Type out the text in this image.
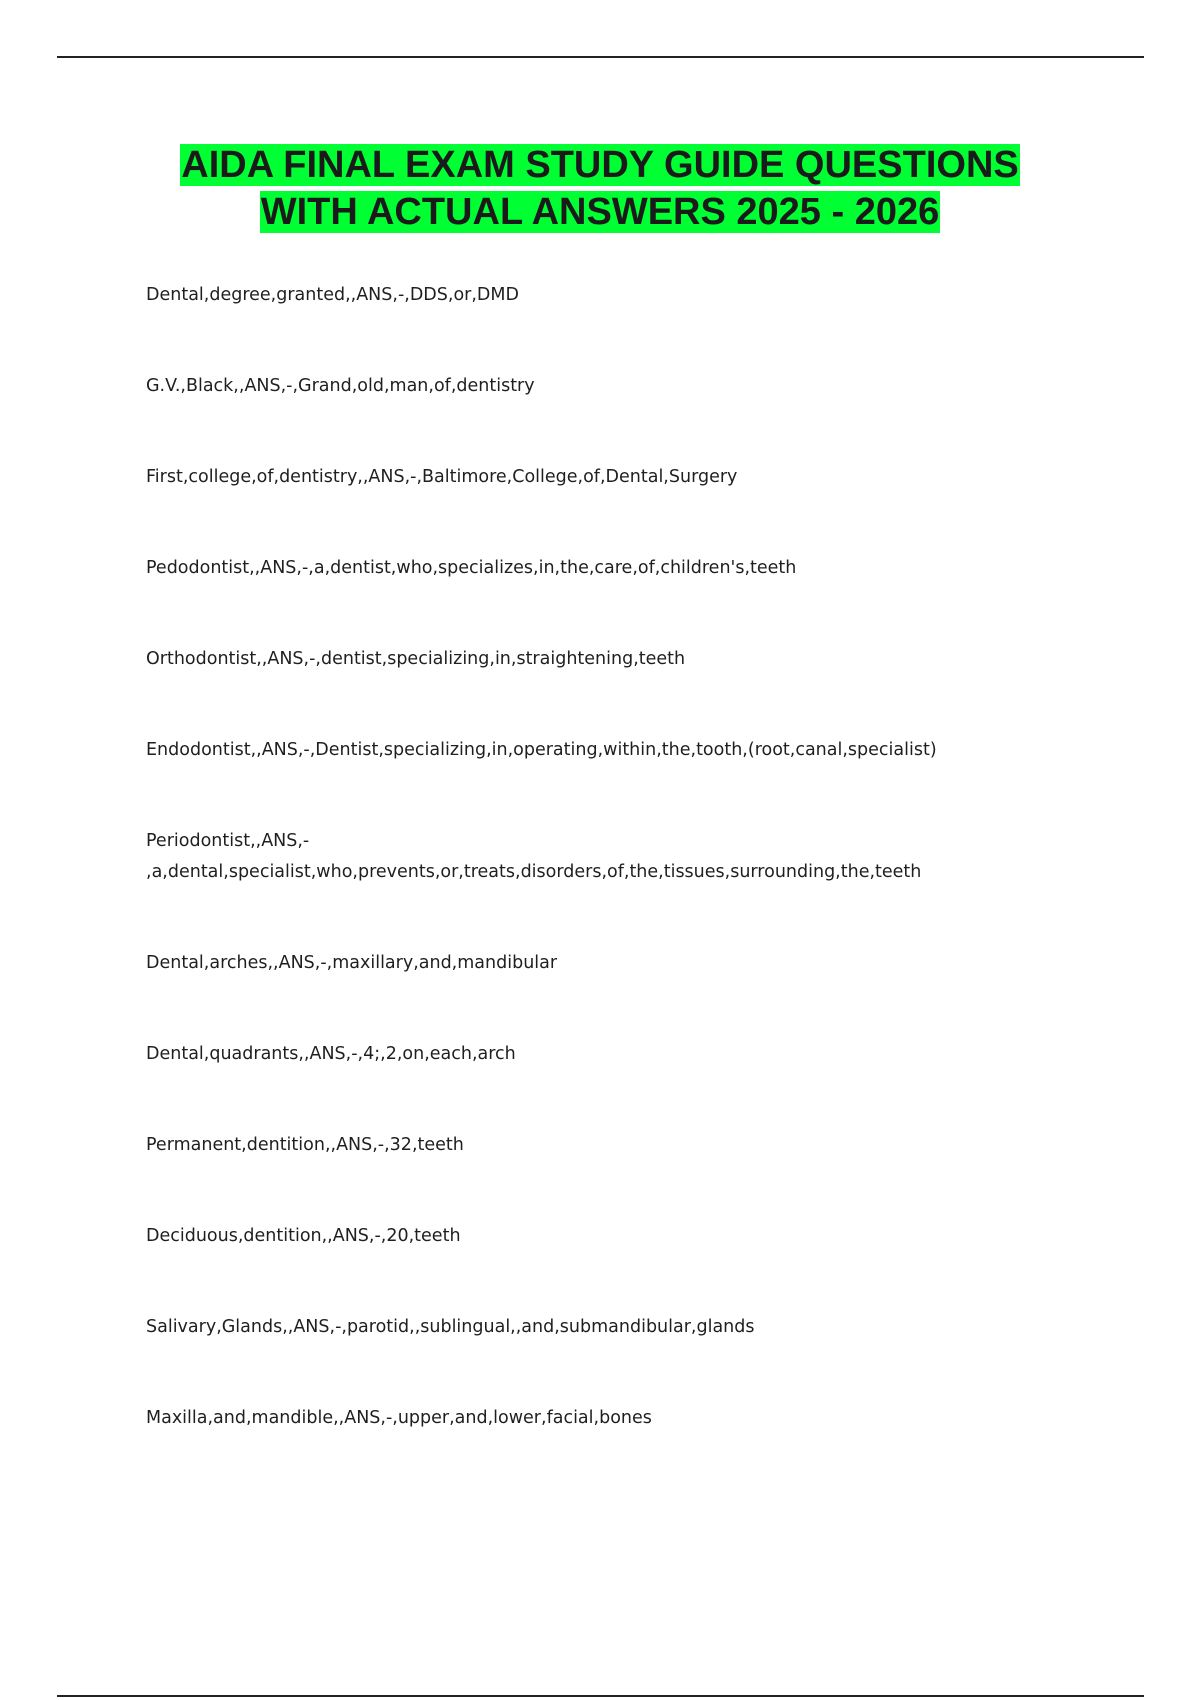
AIDA FINAL EXAM STUDY GUIDE QUESTIONS
WITH ACTUAL ANSWERS 2025 - 2026
Dental,degree,granted,,ANS,-,DDS,or,DMD
G.V.,Black,,ANS,-,Grand,old,man,of,dentistry
First,college,of,dentistry,,ANS,-,Baltimore,College,of,Dental,Surgery
Pedodontist,,ANS,-,a,dentist,who,specializes,in,the,care,of,children's,teeth
Orthodontist,,ANS,-,dentist,specializing,in,straightening,teeth
Endodontist,,ANS,-,Dentist,specializing,in,operating,within,the,tooth,(root,canal,specialist)
Periodontist,,ANS,-
,a,dental,specialist,who,prevents,or,treats,disorders,of,the,tissues,surrounding,the,teeth
Dental,arches,,ANS,-,maxillary,and,mandibular
Dental,quadrants,,ANS,-,4;,2,on,each,arch
Permanent,dentition,,ANS,-,32,teeth
Deciduous,dentition,,ANS,-,20,teeth
Salivary,Glands,,ANS,-,parotid,,sublingual,,and,submandibular,glands
Maxilla,and,mandible,,ANS,-,upper,and,lower,facial,bones
